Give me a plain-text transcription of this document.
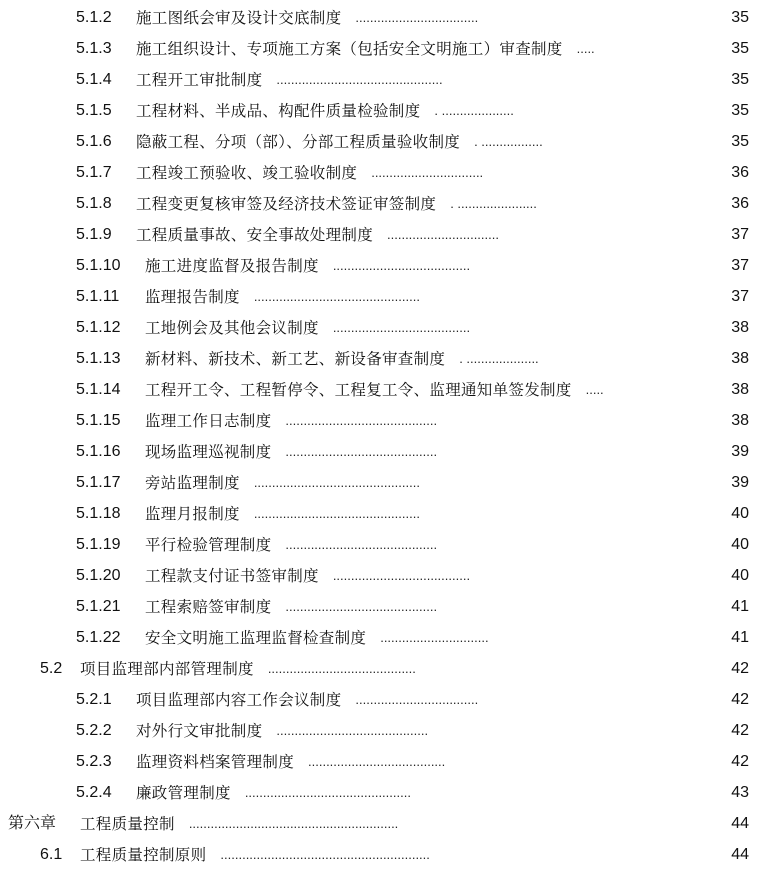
5.1.2 施工图纸会审及设计交底制度 ..................................	35
5.1.3 施工组织设计、专项施工方案（包括安全文明施工）审查制度 .....	35
5.1.4 工程开工审批制度 ..............................................	35
5.1.5 工程材料、半成品、构配件质量检验制度 . ....................	35
5.1.6 隐蔽工程、分项（部）、分部工程质量验收制度 . .................	35
5.1.7 工程竣工预验收、竣工验收制度 ...............................	36
5.1.8 工程变更复核审签及经济技术签证审签制度 . ......................	36
5.1.9 工程质量事故、安全事故处理制度 ...............................	37
5.1.10 施工进度监督及报告制度 ......................................	37
5.1.11 监理报告制度 ..............................................	37
5.1.12 工地例会及其他会议制度 ......................................	38
5.1.13 新材料、新技术、新工艺、新设备审查制度 . ....................	38
5.1.14 工程开工令、工程暂停令、工程复工令、监理通知单签发制度 .....	38
5.1.15 监理工作日志制度 ..........................................	38
5.1.16 现场监理巡视制度 ..........................................	39
5.1.17 旁站监理制度 ..............................................	39
5.1.18 监理月报制度 ..............................................	40
5.1.19 平行检验管理制度 ..........................................	40
5.1.20 工程款支付证书签审制度 ......................................	40
5.1.21 工程索赔签审制度 ..........................................	41
5.1.22 安全文明施工监理监督检查制度 ..............................	41
5.2 项目监理部内部管理制度 .........................................	42
5.2.1 项目监理部内容工作会议制度 ..................................	42
5.2.2 对外行文审批制度 ..........................................	42
5.2.3 监理资料档案管理制度 ......................................	42
5.2.4 廉政管理制度 ..............................................	43
第六章 工程质量控制 ..........................................................	44
6.1 工程质量控制原则 ..........................................................	44
